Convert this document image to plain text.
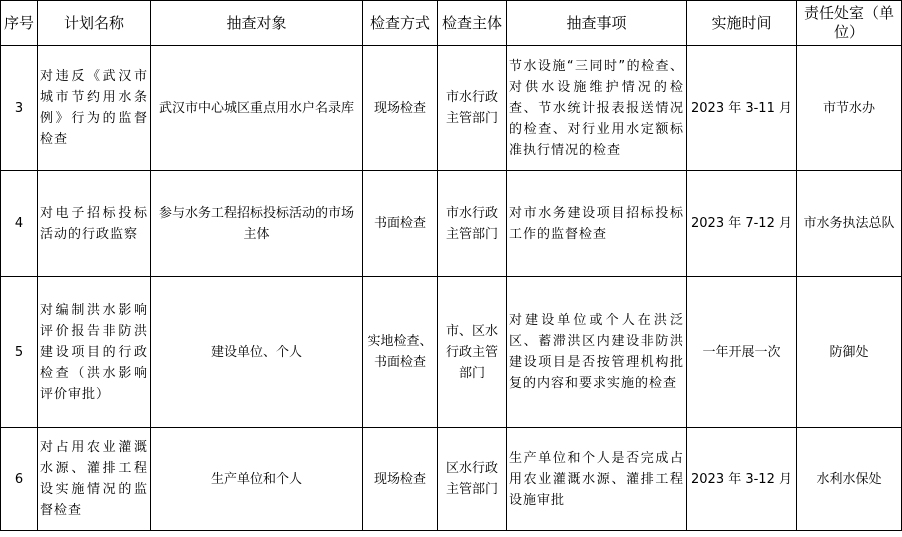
序号	计划名称	抽查对象	检查方式	检查主体	抽查事项	实施时间	责任处室（单位）
3	对违反《武汉市城市节约用水条例》行为的监督检查	武汉市中心城区重点用水户名录库	现场检查	市水行政主管部门	节水设施“三同时”的检查、对供水设施维护情况的检查、节水统计报表报送情况的检查、对行业用水定额标准执行情况的检查	2023 年 3-11 月	市节水办
4	对电子招标投标活动的行政监察	参与水务工程招标投标活动的市场主体	书面检查	市水行政主管部门	对市水务建设项目招标投标工作的监督检查	2023 年 7-12 月	市水务执法总队
5	对编制洪水影响评价报告非防洪建设项目的行政检查（洪水影响评价审批）	建设单位、个人	实地检查、书面检查	市、区水行政主管部门	对建设单位或个人在洪泛区、蓄滞洪区内建设非防洪建设项目是否按管理机构批复的内容和要求实施的检查	一年开展一次	防御处
6	对占用农业灌溉水源、灌排工程设实施情况的监督检查	生产单位和个人	现场检查	区水行政主管部门	生产单位和个人是否完成占用农业灌溉水源、灌排工程设施审批	2023 年 3-12 月	水利水保处
